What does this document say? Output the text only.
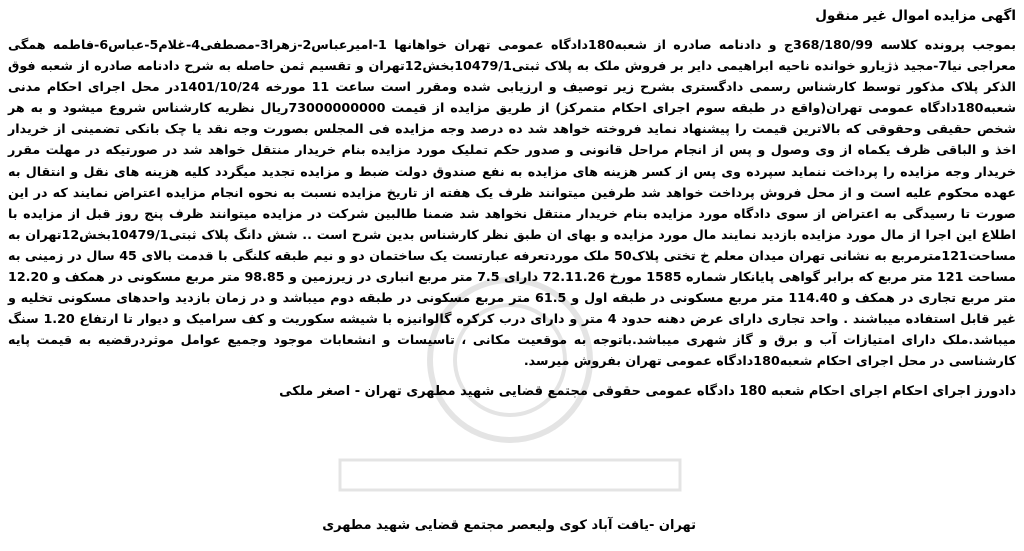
اگهی مزایده اموال غیر منقول

بموجب پرونده کلاسه 368/180/99ج و دادنامه صادره از شعبه180دادگاه عمومی تهران خواهانها 1-امیرعباس2-زهرا3-مصطفی4-غلام5-عباس6-فاطمه همگی معراجی نیا7-مجید ذژیارو خوانده ناحیه ابراهیمی دایر بر فروش ملک به پلاک ثبتی10479/1بخش12تهران و تقسیم ثمن حاصله به شرح دادنامه صادره از شعبه فوق الذکر پلاک مذکور توسط کارشناس رسمی دادگستری بشرح زیر توصیف و ارزیابی شده ومقرر است ساعت 11 مورخه 1401/10/24در محل اجرای احکام مدنی شعبه180دادگاه عمومی تهران(واقع در طبقه سوم اجرای احکام متمرکز) از طریق مزایده از قیمت 73000000000ریال نظریه کارشناس شروع میشود و به هر شخص حقیقی وحقوقی که بالاترین قیمت را پیشنهاد نماید فروخته خواهد شد ده درصد وجه مزایده فی المجلس بصورت وجه نقد یا چک بانکی تضمینی از خریدار اخذ و الباقی ظرف یکماه از وی وصول و پس از انجام مراحل قانونی و صدور حکم تملیک مورد مزایده بنام خریدار منتقل خواهد شد در صورتیکه در مهلت مقرر خریدار وجه مزایده را پرداخت ننماید سپرده وی پس از کسر هزینه های مزایده به نفع صندوق دولت ضبط و مزایده تجدید میگردد کلیه هزینه های نقل و انتقال به عهده محکوم علیه است و از محل فروش پرداخت خواهد شد طرفین میتوانند ظرف یک هفته از تاریخ مزایده نسبت به نحوه انجام مزایده اعتراض نمایند که در این صورت تا رسیدگی به اعتراض از سوی دادگاه مورد مزایده بنام خریدار منتقل نخواهد شد ضمنا طالبین شرکت در مزایده میتوانند ظرف پنج روز قبل از مزایده با اطلاع این اجرا از مال مورد مزایده بازدید نمایند مال مورد مزایده و بهای ان طبق نظر کارشناس بدین شرح است .. شش دانگ پلاک ثبتی10479/1بخش12تهران به مساحت121مترمربع به نشانی تهران میدان معلم خ تختی پلاک50 ملک موردتعرفه عبارتست یک ساختمان دو و نیم طبقه کلنگی با قدمت بالای 45 سال در زمینی به مساحت 121 متر مربع که برابر گواهی پایانکار شماره 1585 مورخ 72.11.26 دارای 7.5 متر مربع انباری در زیرزمین و 98.85 متر مربع مسکونی در همکف و 12.20 متر مربع تجاری در همکف و 114.40 متر مربع مسکونی در طبقه اول و 61.5 متر مربع مسکونی در طبقه دوم میباشد و در زمان بازدید واحدهای مسکونی تخلیه و غیر قابل استفاده میباشند . واحد تجاری دارای عرض دهنه حدود 4 متر و دارای درب کرکره گالوانیزه با شیشه سکوریت و کف سرامیک و دیوار تا ارتفاع 1.20 سنگ میباشد.ملک دارای امتیازات آب و برق و گاز شهری میباشد.باتوجه به موقعیت مکانی ، تاسیسات و انشعابات موجود وجمیع عوامل موثردرقضیه به قیمت پایه کارشناسی در محل اجرای احکام شعبه180دادگاه عمومی تهران بفروش میرسد.

دادورز اجرای احکام اجرای احکام شعبه 180 دادگاه عمومی حقوقی مجتمع قضایی شهید مطهری تهران - اصغر ملکی
تهران -یافت آباد کوی ولیعصر مجتمع قضایی شهید مطهری
